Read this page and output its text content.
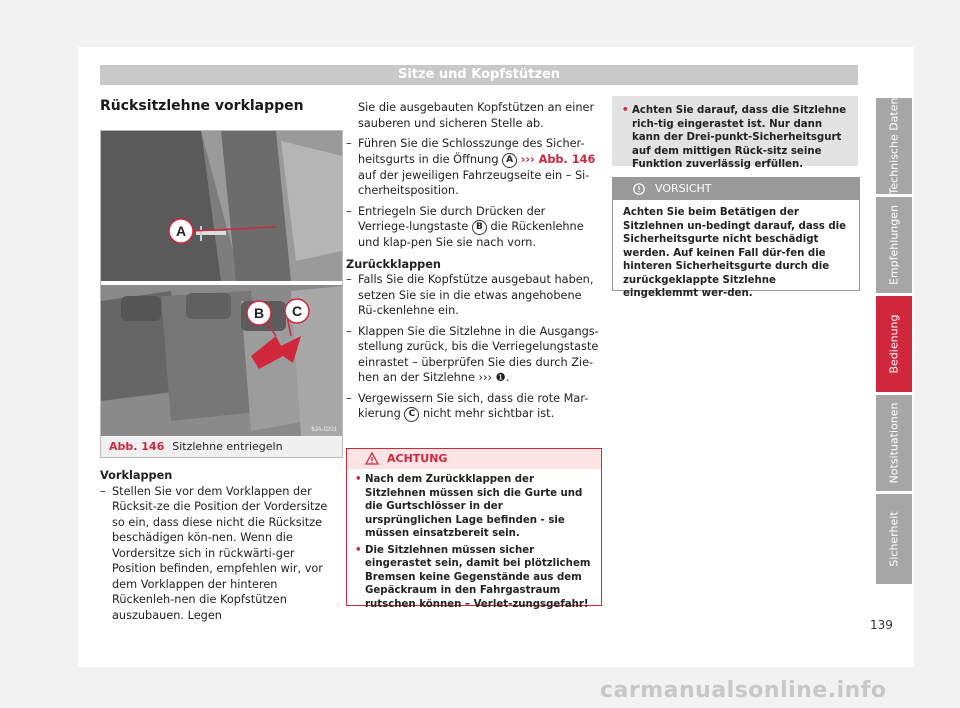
Sitze und Kopfstützen
Rücksitzlehne vorklappen
A
B C
6JA-0201
Abb. 146 Sitzlehne entriegeln

Vorklappen

– Stellen Sie vor dem Vorklappen der Rücksit-ze die Position der Vordersitze so ein, dass diese nicht die Rücksitze beschädigen kön-nen. Wenn die Vordersitze sich in rückwärti-ger Position befinden, empfehlen wir, vor dem Vorklappen der hinteren Rückenleh-nen die Kopfstützen auszubauen. Legen

Sie die ausgebauten Kopfstützen an einer sauberen und sicheren Stelle ab.

– Führen Sie die Schlosszunge des Sicher-heitsgurts in die Öffnung A ››› Abb. 146 auf der jeweiligen Fahrzeugseite ein – Si-cherheitsposition.

– Entriegeln Sie durch Drücken der Verriege-lungstaste B die Rückenlehne und klap-pen Sie sie nach vorn.

Zurückklappen

– Falls Sie die Kopfstütze ausgebaut haben, setzen Sie sie in die etwas angehobene Rü-ckenlehne ein.

– Klappen Sie die Sitzlehne in die Ausgangs-stellung zurück, bis die Verriegelungstaste einrastet – überprüfen Sie dies durch Zie-hen an der Sitzlehne ››› ❶.

– Vergewissern Sie sich, dass die rote Mar-kierung C nicht mehr sichtbar ist.

ACHTUNG
• Nach dem Zurückklappen der Sitzlehnen müssen sich die Gurte und die Gurtschlösser in der ursprünglichen Lage befinden - sie müssen einsatzbereit sein.
• Die Sitzlehnen müssen sicher eingerastet sein, damit bei plötzlichem Bremsen keine Gegenstände aus dem Gepäckraum in den Fahrgastraum rutschen können – Verlet-zungsgefahr!
• Achten Sie darauf, dass die Sitzlehne rich-tig eingerastet ist. Nur dann kann der Drei-punkt-Sicherheitsgurt auf dem mittigen Rück-sitz seine Funktion zuverlässig erfüllen.
VORSICHT
Achten Sie beim Betätigen der Sitzlehnen un-bedingt darauf, dass die Sicherheitsgurte nicht beschädigt werden. Auf keinen Fall dür-fen die hinteren Sicherheitsgurte durch die zurückgeklappte Sitzlehne eingeklemmt wer-den.
Technische Daten
Empfehlungen
Bedienung
Notsituationen
Sicherheit
139
carmanualsonline.info
